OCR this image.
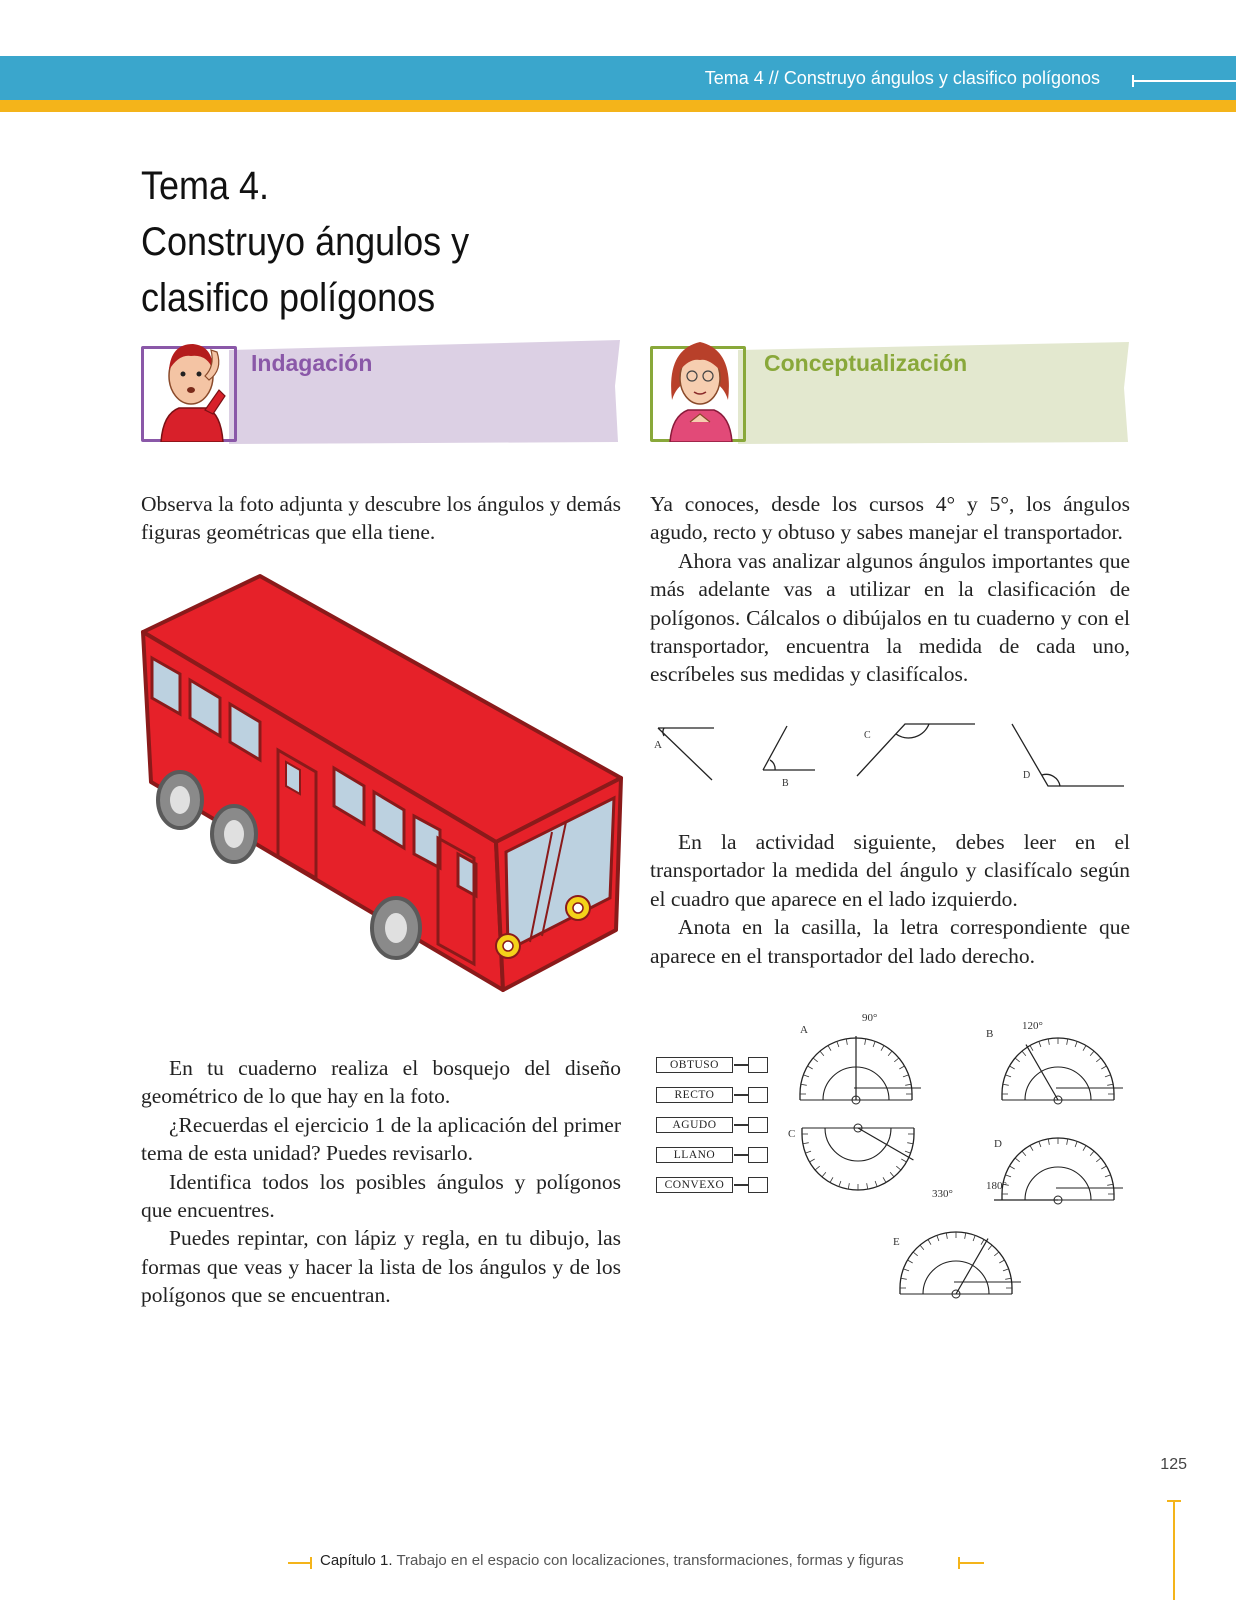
Tema 4 // Construyo ángulos y clasifico polígonos
Tema 4.
Construyo ángulos y
clasifico polígonos
Indagación	Conceptualización

Observa la foto adjunta y descubre los ángulos y demás figuras geométricas que ella tiene.

En tu cuaderno realiza el bosquejo del diseño geométrico de lo que hay en la foto.

¿Recuerdas el ejercicio 1 de la aplicación del primer tema de esta unidad? Puedes revisarlo.

Identifica todos los posibles ángulos y polígonos que encuentres.

Puedes repintar, con lápiz y regla, en tu dibujo, las formas que veas y hacer la lista de los ángulos y de los polígonos que se encuentran.

Ya conoces, desde los cursos 4° y 5°, los ángulos agudo, recto y obtuso y sabes manejar el transportador.

Ahora vas analizar algunos ángulos importantes que más adelante vas a utilizar en la clasificación de polígonos. Cálcalos o dibújalos en tu cuaderno y con el transportador, encuentra la medida de cada uno, escríbeles sus medidas y clasifícalos.

A
B
C
D

En la actividad siguiente, debes leer en el transportador la medida del ángulo y clasifícalo según el cuadro que aparece en el lado izquierdo.

Anota en la casilla, la letra correspondiente que aparece en el transportador del lado derecho.

OBTUSO
RECTO
AGUDO
LLANO
CONVEXO
A
90°
B
120°
C
330°
D
180°
E
125
Capítulo 1. Trabajo en el espacio con localizaciones, transformaciones, formas y figuras
